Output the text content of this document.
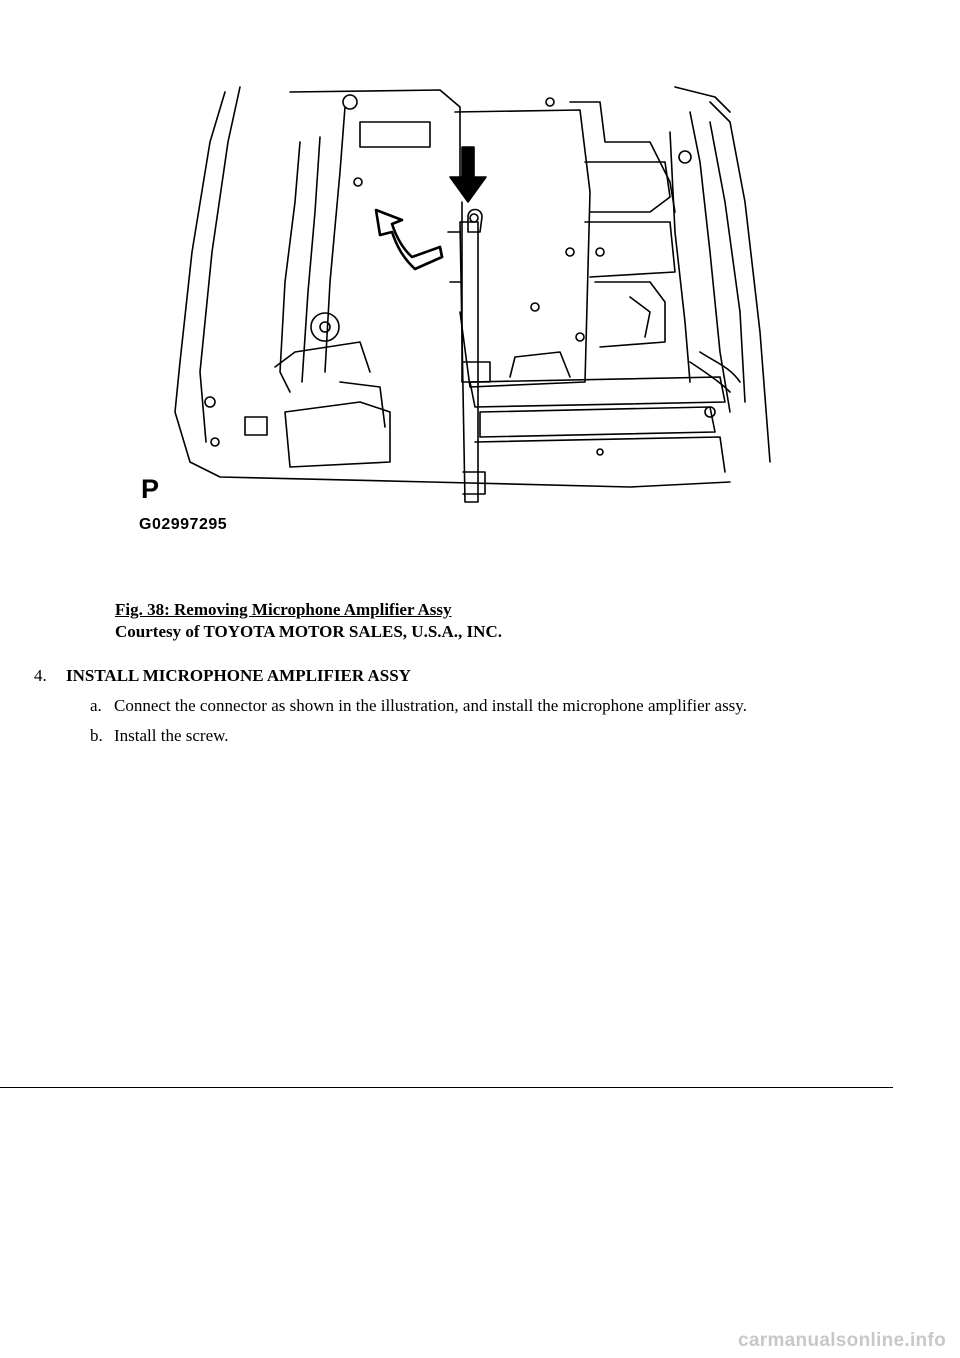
P
G02997295
Fig. 38: Removing Microphone Amplifier Assy
Courtesy of TOYOTA MOTOR SALES, U.S.A., INC.
4. INSTALL MICROPHONE AMPLIFIER ASSY
a. Connect the connector as shown in the illustration, and install the microphone amplifier assy.
b. Install the screw.
carmanualsonline.info
